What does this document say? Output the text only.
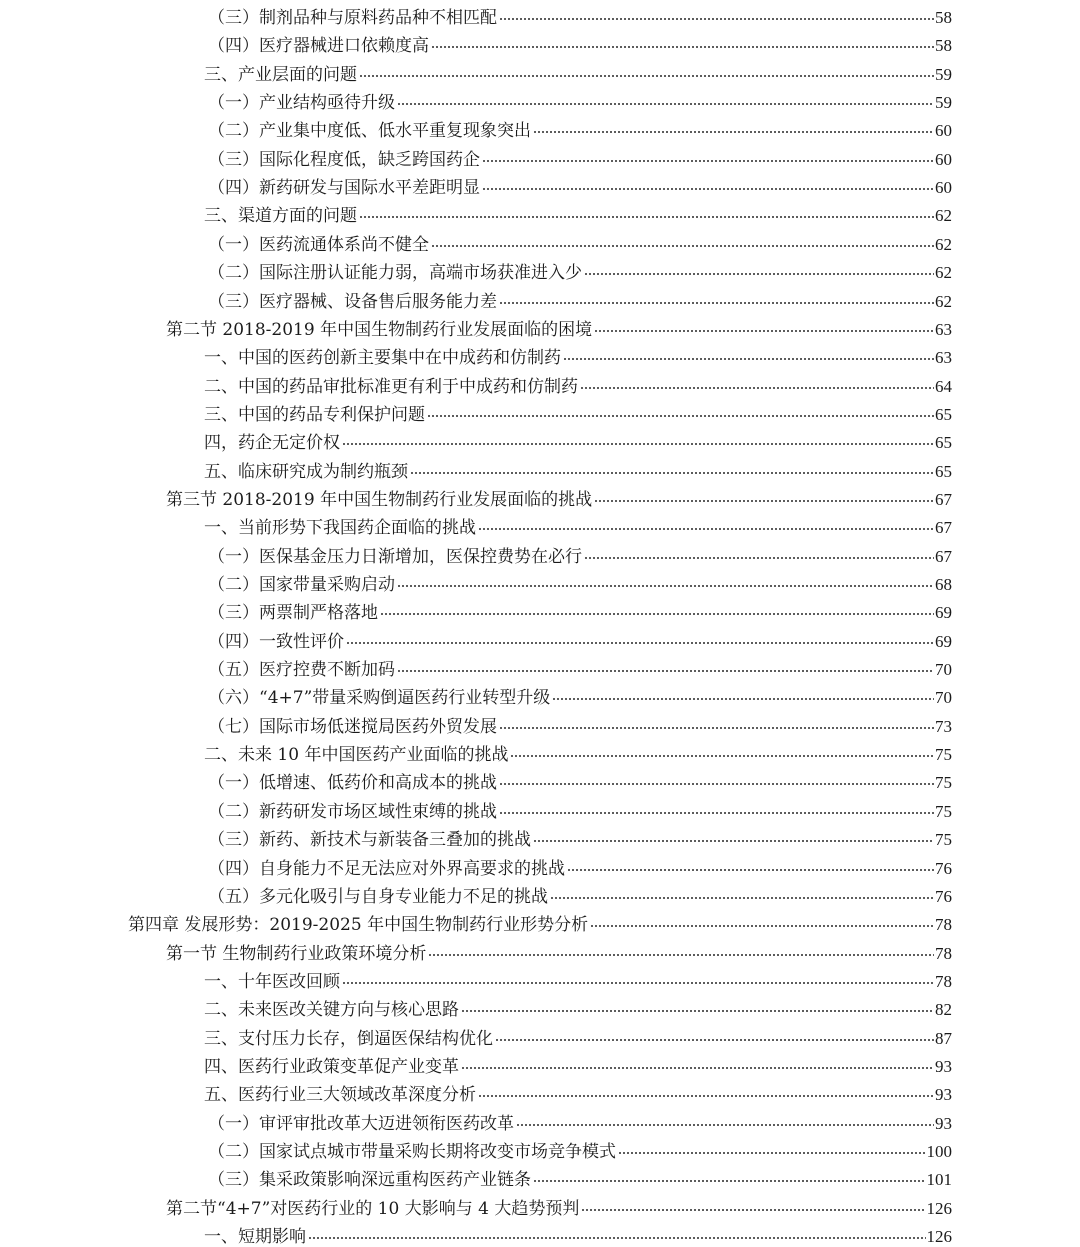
（三）制剂品种与原料药品种不相匹配	58
（四）医疗器械进口依赖度高	58
三、产业层面的问题	59
（一）产业结构亟待升级	59
（二）产业集中度低、低水平重复现象突出	60
（三）国际化程度低，缺乏跨国药企	60
（四）新药研发与国际水平差距明显	60
三、渠道方面的问题	62
（一）医药流通体系尚不健全	62
（二）国际注册认证能力弱，高端市场获准进入少	62
（三）医疗器械、设备售后服务能力差	62
第二节 2018-2019 年中国生物制药行业发展面临的困境	63
一、中国的医药创新主要集中在中成药和仿制药	63
二、中国的药品审批标准更有利于中成药和仿制药	64
三、中国的药品专利保护问题	65
四，药企无定价权	65
五、临床研究成为制约瓶颈	65
第三节 2018-2019 年中国生物制药行业发展面临的挑战	67
一、当前形势下我国药企面临的挑战	67
（一）医保基金压力日渐增加，医保控费势在必行	67
（二）国家带量采购启动	68
（三）两票制严格落地	69
（四）一致性评价	69
（五）医疗控费不断加码	70
（六）“4+7”带量采购倒逼医药行业转型升级	70
（七）国际市场低迷搅局医药外贸发展	73
二、未来 10 年中国医药产业面临的挑战	75
（一）低增速、低药价和高成本的挑战	75
（二）新药研发市场区域性束缚的挑战	75
（三）新药、新技术与新装备三叠加的挑战	75
（四）自身能力不足无法应对外界高要求的挑战	76
（五）多元化吸引与自身专业能力不足的挑战	76
第四章 发展形势：2019-2025 年中国生物制药行业形势分析	78
第一节 生物制药行业政策环境分析	78
一、十年医改回顾	78
二、未来医改关键方向与核心思路	82
三、支付压力长存，倒逼医保结构优化	87
四、医药行业政策变革促产业变革	93
五、医药行业三大领域改革深度分析	93
（一）审评审批改革大迈进领衔医药改革	93
（二）国家试点城市带量采购长期将改变市场竞争模式	100
（三）集采政策影响深远重构医药产业链条	101
第二节“4+7”对医药行业的 10 大影响与 4 大趋势预判	126
一、短期影响	126
